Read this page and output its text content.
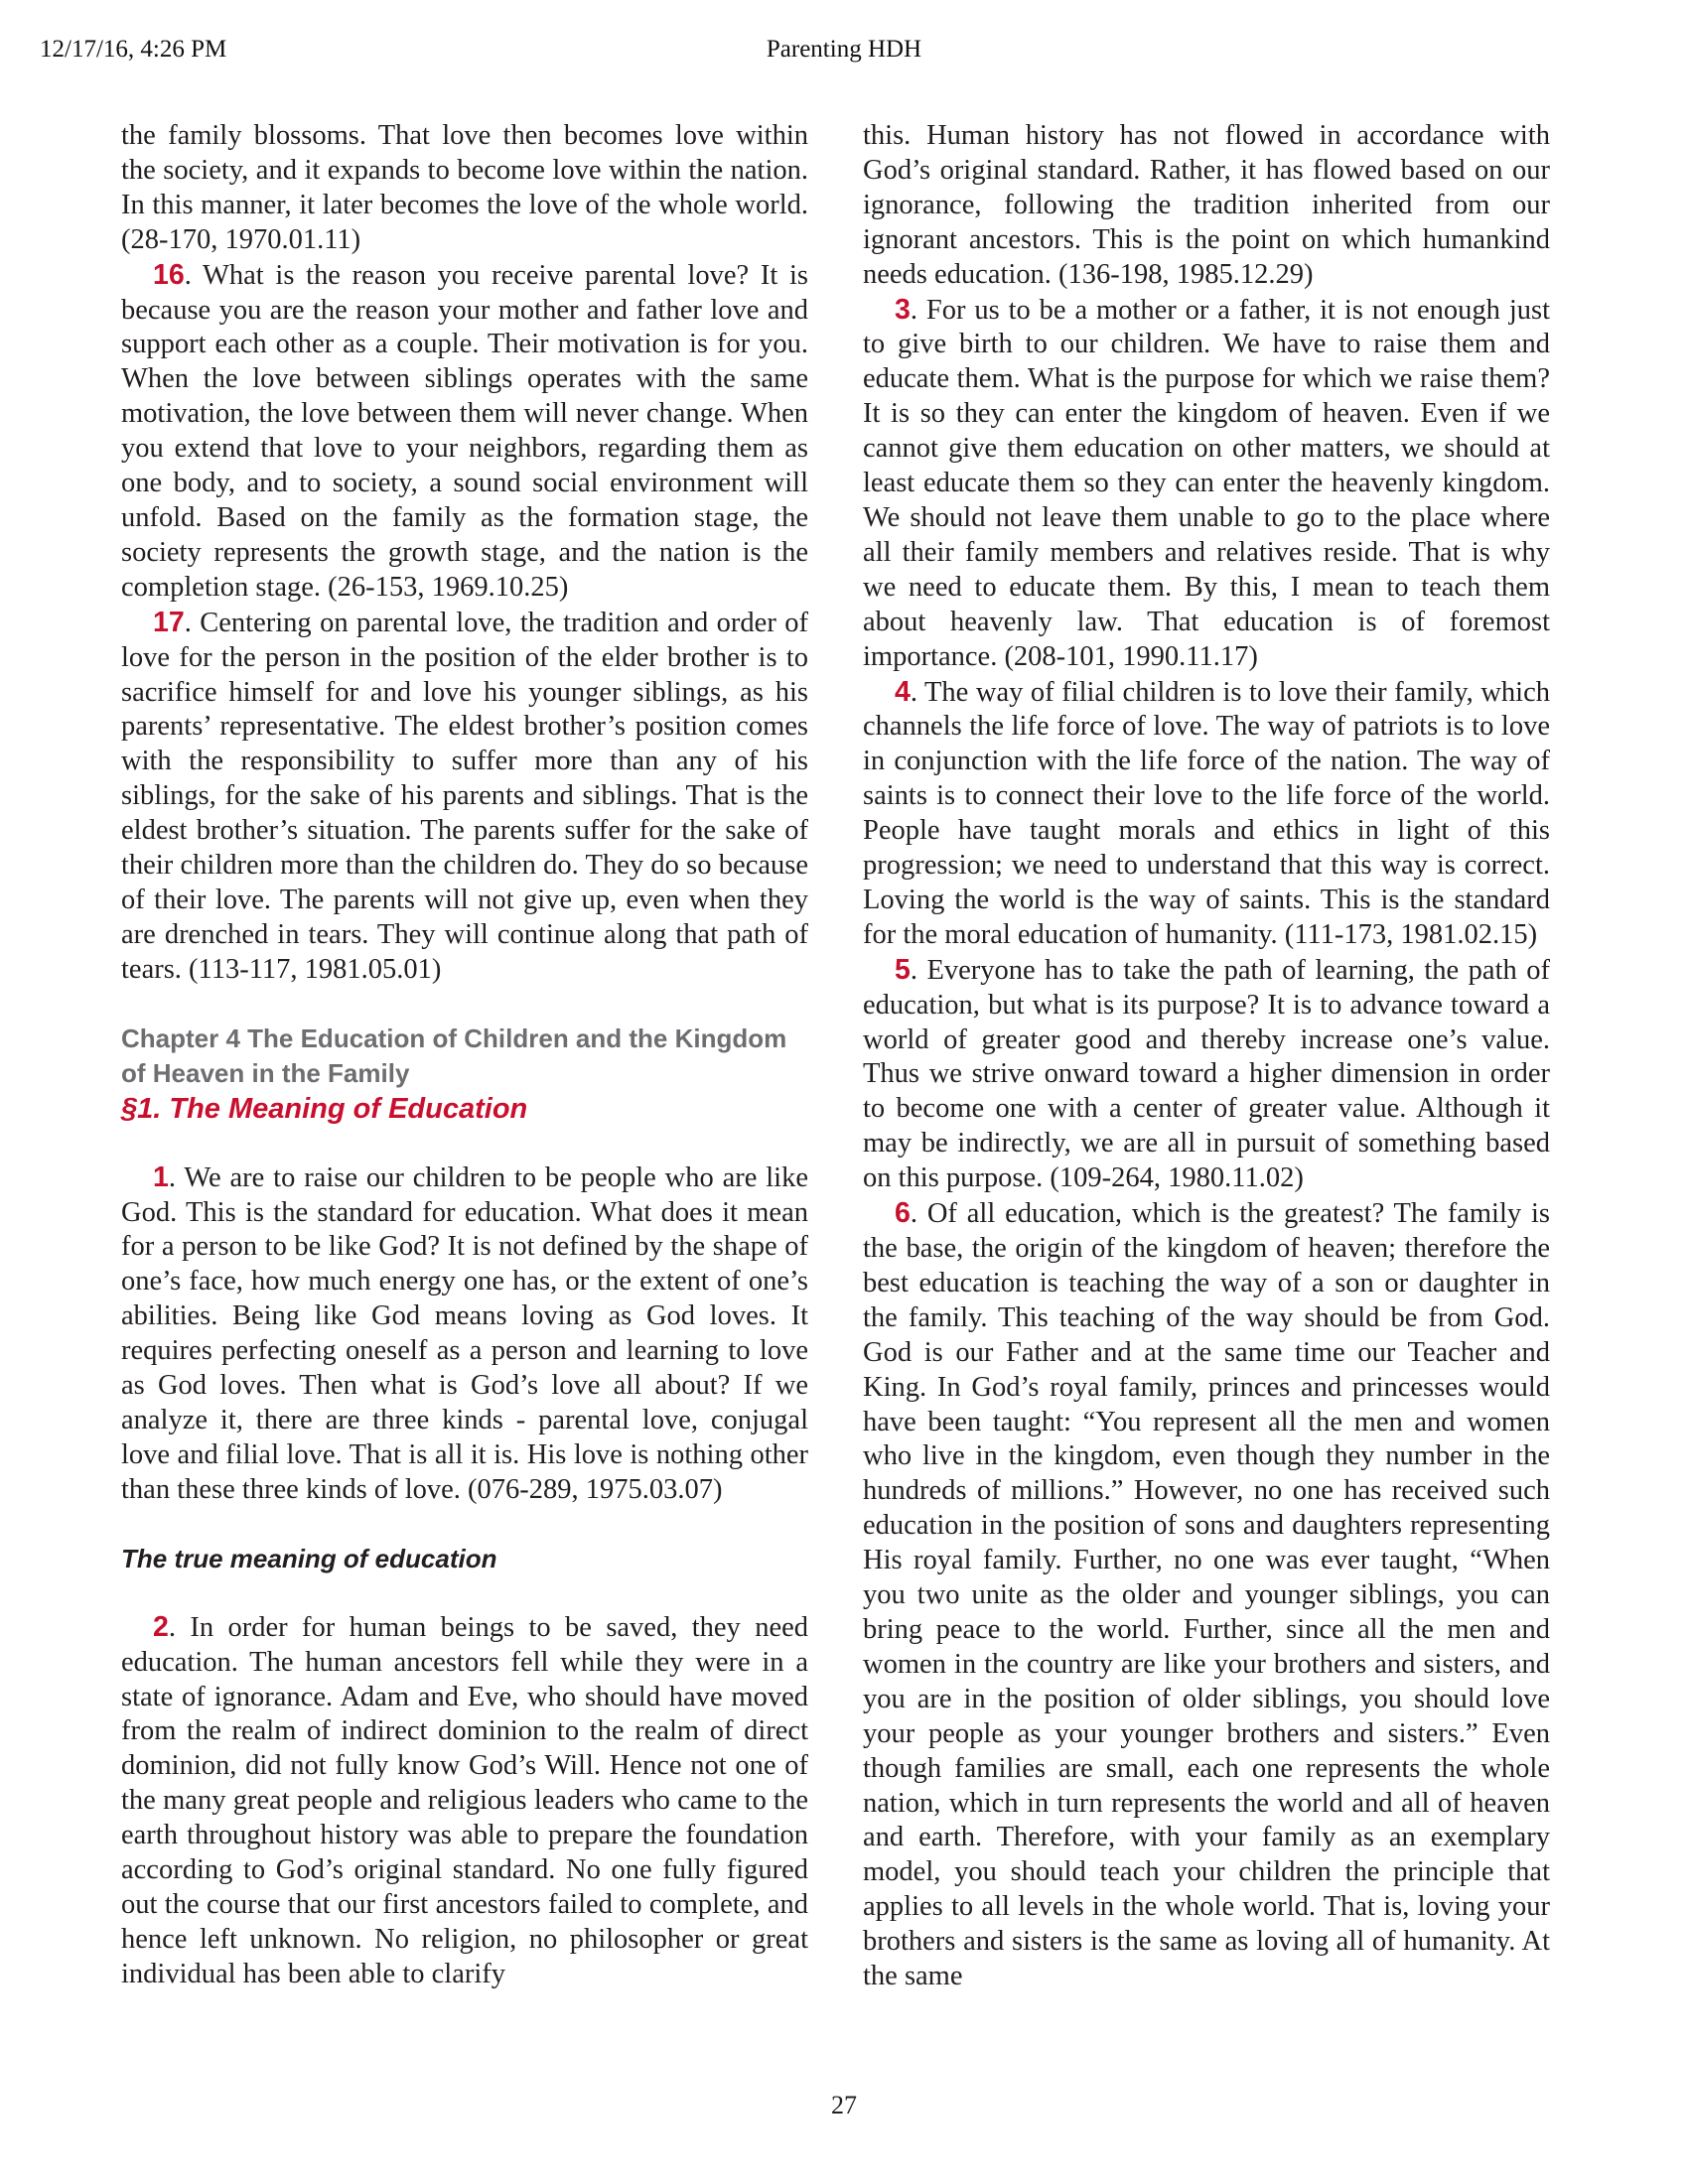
12/17/16, 4:26 PM	Parenting HDH

the family blossoms. That love then becomes love within the society, and it expands to become love within the nation. In this manner, it later becomes the love of the whole world. (28-170, 1970.01.11)

16. What is the reason you receive parental love? It is because you are the reason your mother and father love and support each other as a couple. Their motivation is for you. When the love between siblings operates with the same motivation, the love between them will never change. When you extend that love to your neighbors, regarding them as one body, and to society, a sound social environment will unfold. Based on the family as the formation stage, the society represents the growth stage, and the nation is the completion stage. (26-153, 1969.10.25)

17. Centering on parental love, the tradition and order of love for the person in the position of the elder brother is to sacrifice himself for and love his younger siblings, as his parents’ representative. The eldest brother’s position comes with the responsibility to suffer more than any of his siblings, for the sake of his parents and siblings. That is the eldest brother’s situation. The parents suffer for the sake of their children more than the children do. They do so because of their love. The parents will not give up, even when they are drenched in tears. They will continue along that path of tears. (113-117, 1981.05.01)

Chapter 4 The Education of Children and the Kingdom of Heaven in the Family
§1. The Meaning of Education

1. We are to raise our children to be people who are like God. This is the standard for education. What does it mean for a person to be like God? It is not defined by the shape of one’s face, how much energy one has, or the extent of one’s abilities. Being like God means loving as God loves. It requires perfecting oneself as a person and learning to love as God loves. Then what is God’s love all about? If we analyze it, there are three kinds - parental love, conjugal love and filial love. That is all it is. His love is nothing other than these three kinds of love. (076-289, 1975.03.07)

The true meaning of education

2. In order for human beings to be saved, they need education. The human ancestors fell while they were in a state of ignorance. Adam and Eve, who should have moved from the realm of indirect dominion to the realm of direct dominion, did not fully know God’s Will. Hence not one of the many great people and religious leaders who came to the earth throughout history was able to prepare the foundation according to God’s original standard. No one fully figured out the course that our first ancestors failed to complete, and hence left unknown. No religion, no philosopher or great individual has been able to clarify

this. Human history has not flowed in accordance with God’s original standard. Rather, it has flowed based on our ignorance, following the tradition inherited from our ignorant ancestors. This is the point on which humankind needs education. (136-198, 1985.12.29)

3. For us to be a mother or a father, it is not enough just to give birth to our children. We have to raise them and educate them. What is the purpose for which we raise them? It is so they can enter the kingdom of heaven. Even if we cannot give them education on other matters, we should at least educate them so they can enter the heavenly kingdom. We should not leave them unable to go to the place where all their family members and relatives reside. That is why we need to educate them. By this, I mean to teach them about heavenly law. That education is of foremost importance. (208-101, 1990.11.17)

4. The way of filial children is to love their family, which channels the life force of love. The way of patriots is to love in conjunction with the life force of the nation. The way of saints is to connect their love to the life force of the world. People have taught morals and ethics in light of this progression; we need to understand that this way is correct. Loving the world is the way of saints. This is the standard for the moral education of humanity. (111-173, 1981.02.15)

5. Everyone has to take the path of learning, the path of education, but what is its purpose? It is to advance toward a world of greater good and thereby increase one’s value. Thus we strive onward toward a higher dimension in order to become one with a center of greater value. Although it may be indirectly, we are all in pursuit of something based on this purpose. (109-264, 1980.11.02)

6. Of all education, which is the greatest? The family is the base, the origin of the kingdom of heaven; therefore the best education is teaching the way of a son or daughter in the family. This teaching of the way should be from God. God is our Father and at the same time our Teacher and King. In God’s royal family, princes and princesses would have been taught: “You represent all the men and women who live in the kingdom, even though they number in the hundreds of millions.” However, no one has received such education in the position of sons and daughters representing His royal family. Further, no one was ever taught, “When you two unite as the older and younger siblings, you can bring peace to the world. Further, since all the men and women in the country are like your brothers and sisters, and you are in the position of older siblings, you should love your people as your younger brothers and sisters.” Even though families are small, each one represents the whole nation, which in turn represents the world and all of heaven and earth. Therefore, with your family as an exemplary model, you should teach your children the principle that applies to all levels in the whole world. That is, loving your brothers and sisters is the same as loving all of humanity. At the same

27
